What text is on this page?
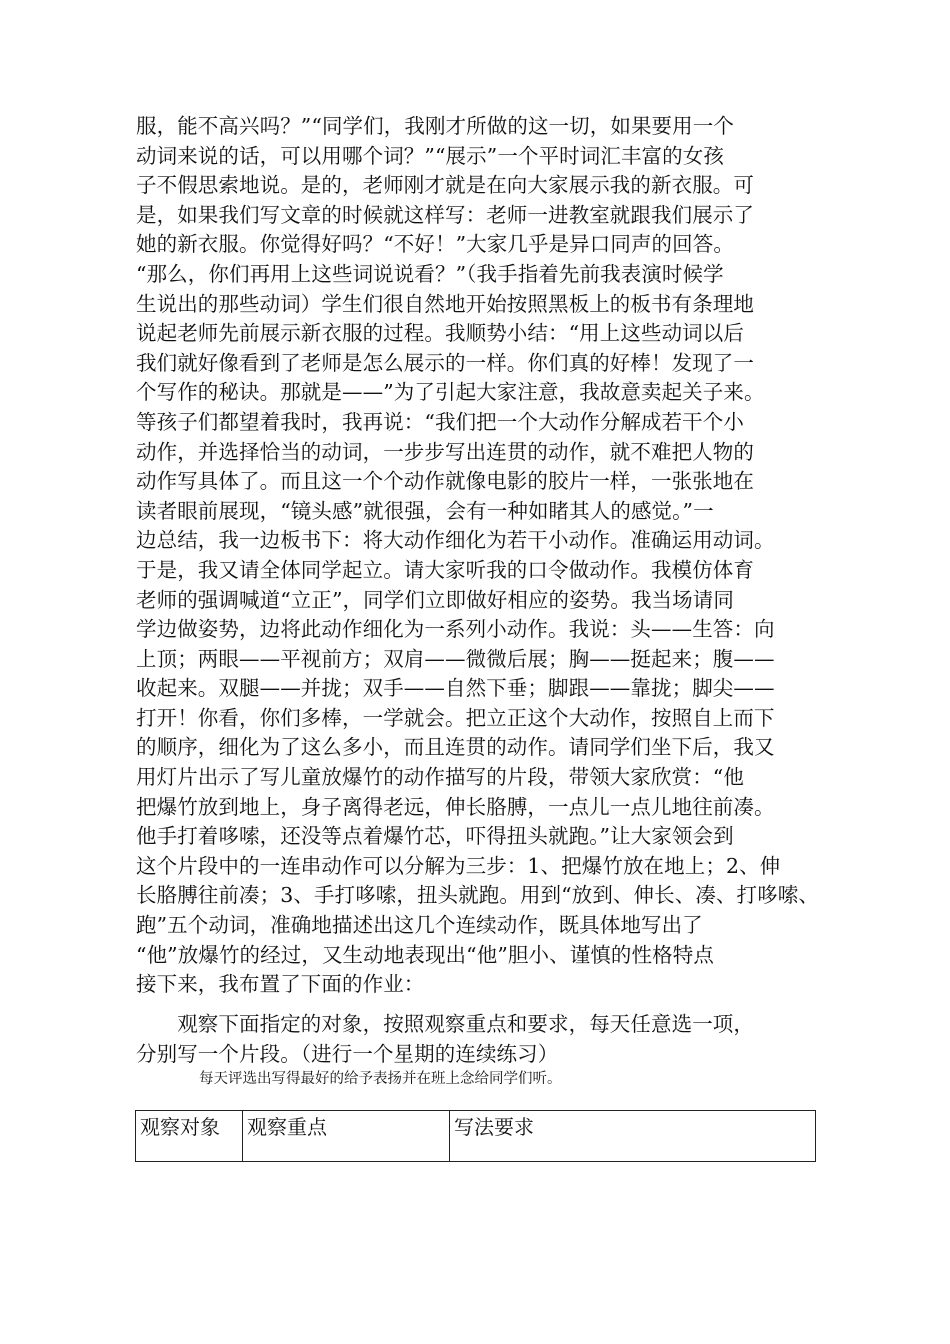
服，能不高兴吗？”“同学们，我刚才所做的这一切，如果要用一个
动词来说的话，可以用哪个词？”“展示”一个平时词汇丰富的女孩
子不假思索地说。是的，老师刚才就是在向大家展示我的新衣服。可
是，如果我们写文章的时候就这样写：老师一进教室就跟我们展示了
她的新衣服。你觉得好吗？“不好！”大家几乎是异口同声的回答。
“那么，你们再用上这些词说说看？”（我手指着先前我表演时候学
生说出的那些动词）学生们很自然地开始按照黑板上的板书有条理地
说起老师先前展示新衣服的过程。我顺势小结：“用上这些动词以后
我们就好像看到了老师是怎么展示的一样。你们真的好棒！发现了一
个写作的秘诀。那就是——”为了引起大家注意，我故意卖起关子来。
等孩子们都望着我时，我再说：“我们把一个大动作分解成若干个小
动作，并选择恰当的动词，一步步写出连贯的动作，就不难把人物的
动作写具体了。而且这一个个动作就像电影的胶片一样，一张张地在
读者眼前展现，“镜头感”就很强，会有一种如睹其人的感觉。”一
边总结，我一边板书下：将大动作细化为若干小动作。准确运用动词。
于是，我又请全体同学起立。请大家听我的口令做动作。我模仿体育
老师的强调喊道“立正”，同学们立即做好相应的姿势。我当场请同
学边做姿势，边将此动作细化为一系列小动作。我说：头——生答：向
上顶；两眼——平视前方；双肩——微微后展；胸——挺起来；腹——
收起来。双腿——并拢；双手——自然下垂；脚跟——靠拢；脚尖——
打开！你看，你们多棒，一学就会。把立正这个大动作，按照自上而下
的顺序，细化为了这么多小，而且连贯的动作。请同学们坐下后，我又
用灯片出示了写儿童放爆竹的动作描写的片段，带领大家欣赏：“他
把爆竹放到地上，身子离得老远，伸长胳膊，一点儿一点儿地往前凑。
他手打着哆嗦，还没等点着爆竹芯，吓得扭头就跑。”让大家领会到
这个片段中的一连串动作可以分解为三步：1、把爆竹放在地上；2、伸
长胳膊往前凑；3、手打哆嗦，扭头就跑。用到“放到、伸长、凑、打哆嗦、
跑”五个动词，准确地描述出这几个连续动作，既具体地写出了
“他”放爆竹的经过，又生动地表现出“他”胆小、谨慎的性格特点
接下来，我布置了下面的作业：
　　观察下面指定的对象，按照观察重点和要求，每天任意选一项，
分别写一个片段。（进行一个星期的连续练习）
每天评选出写得最好的给予表扬并在班上念给同学们听。
观察对象	观察重点	写法要求
